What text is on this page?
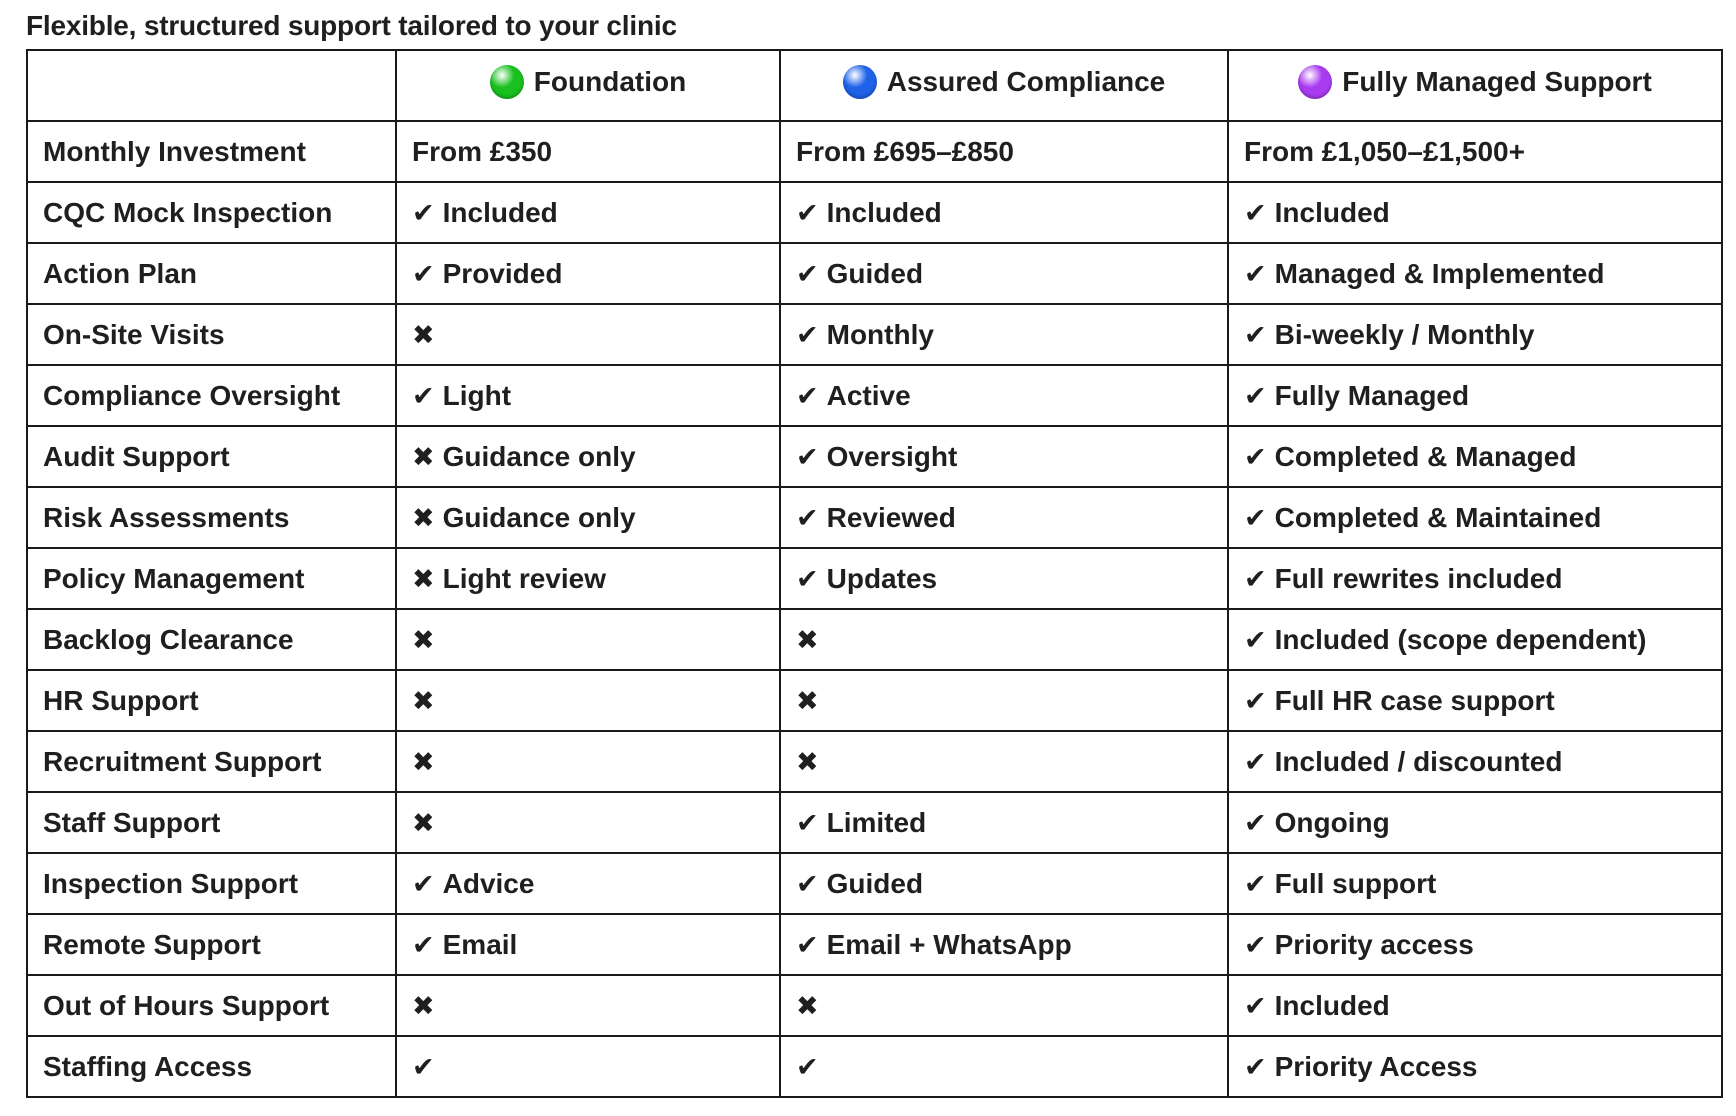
Flexible, structured support tailored to your clinic

	Foundation	Assured Compliance	Fully Managed Support

Monthly Investment	From £350	From £695–£850	From £1,050–£1,500+
CQC Mock Inspection	✔ Included	✔ Included	✔ Included
Action Plan	✔ Provided	✔ Guided	✔ Managed & Implemented
On-Site Visits	✖	✔ Monthly	✔ Bi-weekly / Monthly
Compliance Oversight	✔ Light	✔ Active	✔ Fully Managed
Audit Support	✖ Guidance only	✔ Oversight	✔ Completed & Managed
Risk Assessments	✖ Guidance only	✔ Reviewed	✔ Completed & Maintained
Policy Management	✖ Light review	✔ Updates	✔ Full rewrites included
Backlog Clearance	✖	✖	✔ Included (scope dependent)
HR Support	✖	✖	✔ Full HR case support
Recruitment Support	✖	✖	✔ Included / discounted
Staff Support	✖	✔ Limited	✔ Ongoing
Inspection Support	✔ Advice	✔ Guided	✔ Full support
Remote Support	✔ Email	✔ Email + WhatsApp	✔ Priority access
Out of Hours Support	✖	✖	✔ Included
Staffing Access	✔	✔	✔ Priority Access
